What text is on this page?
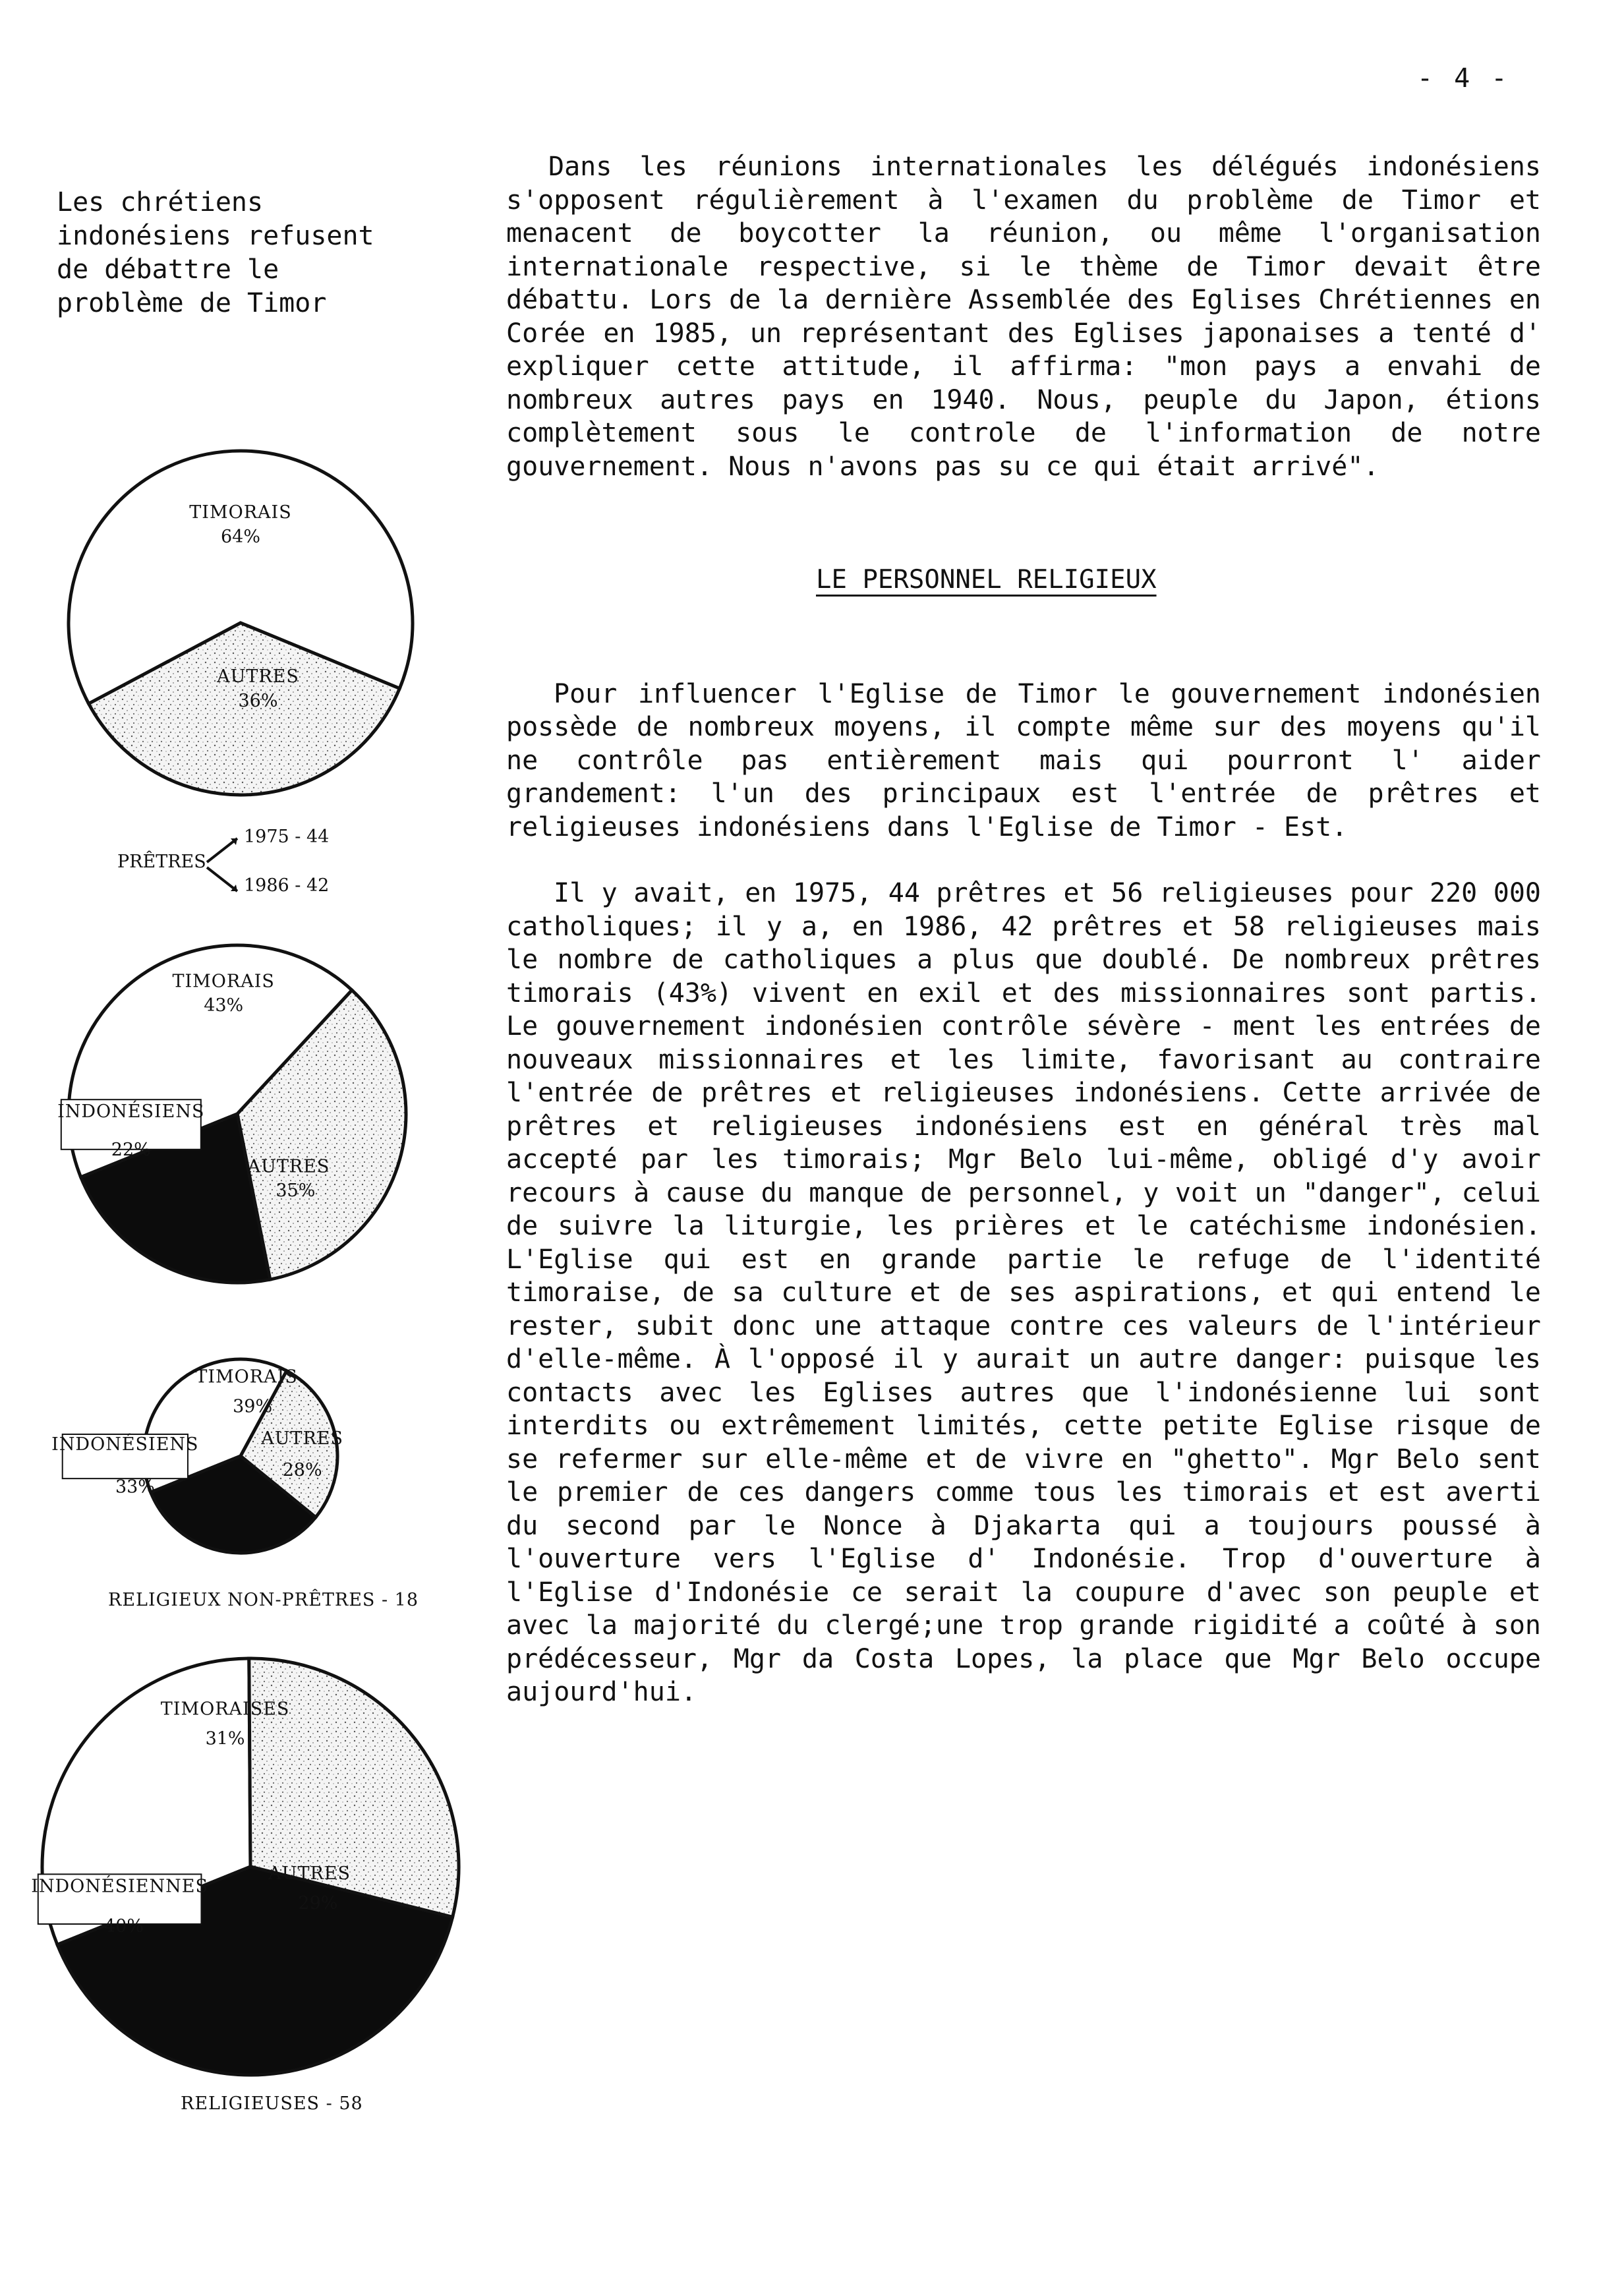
- 4 -
Les chrétiens
indonésiens refusent
de débattre le
problème de Timor

Dans les réunions internationales les délégués indonésiens s'opposent régulièrement à l'examen du problème de Timor et menacent de boycotter la réunion, ou même l'organisation internationale respective, si le thème de Timor devait être débattu. Lors de la dernière Assemblée des Eglises Chrétiennes en Corée en 1985, un représentant des Eglises japonaises a tenté d' expliquer cette attitude, il affirma: "mon pays a envahi de nombreux autres pays en 1940. Nous, peuple du Japon, étions complètement sous le controle de l'information de notre gouvernement. Nous n'avons pas su ce qui était arrivé".

LE PERSONNEL RELIGIEUX

Pour influencer l'Eglise de Timor le gouvernement indonésien possède de nombreux moyens, il compte même sur des moyens qu'il ne contrôle pas entièrement mais qui pourront l' aider grandement: l'un des principaux est l'entrée de prêtres et religieuses indonésiens dans l'Eglise de Timor - Est.

Il y avait, en 1975, 44 prêtres et 56 religieuses pour 220 000 catholiques; il y a, en 1986, 42 prêtres et 58 religieuses mais le nombre de catholiques a plus que doublé. De nombreux prêtres timorais (43%) vivent en exil et des missionnaires sont partis. Le gouvernement indonésien contrôle sévère - ment les entrées de nouveaux missionnaires et les limite, favorisant au contraire l'entrée de prêtres et religieuses indonésiens. Cette arrivée de prêtres et religieuses indonésiens est en général très mal accepté par les timorais; Mgr Belo lui-même, obligé d'y avoir recours à cause du manque de personnel, y voit un "danger", celui de suivre la liturgie, les prières et le catéchisme indonésien. L'Eglise qui est en grande partie le refuge de l'identité timoraise, de sa culture et de ses aspirations, et qui entend le rester, subit donc une attaque contre ces valeurs de l'intérieur d'elle-même. À l'opposé il y aurait un autre danger: puisque les contacts avec les Eglises autres que l'indonésienne lui sont interdits ou extrêmement limités, cette petite Eglise risque de se refermer sur elle-même et de vivre en "ghetto". Mgr Belo sent le premier de ces dangers comme tous les timorais et est averti du second par le Nonce à Djakarta qui a toujours poussé à l'ouverture vers l'Eglise d' Indonésie. Trop d'ouverture à l'Eglise d'Indonésie ce serait la coupure d'avec son peuple et avec la majorité du clergé;une trop grande rigidité a coûté à son prédécesseur, Mgr da Costa Lopes, la place que Mgr Belo occupe aujourd'hui.

TIMORAIS
64%
AUTRES
36%
PRÊTRES
1975 - 44
1986 - 42
TIMORAIS
43%
AUTRES
35%
INDONÉSIENS
22%
TIMORAIS
39%
AUTRES
28%
INDONÉSIENS
33%
RELIGIEUX NON-PRÊTRES - 18
TIMORAISES
31%
AUTRES
29%
INDONÉSIENNES
40%
RELIGIEUSES - 58
